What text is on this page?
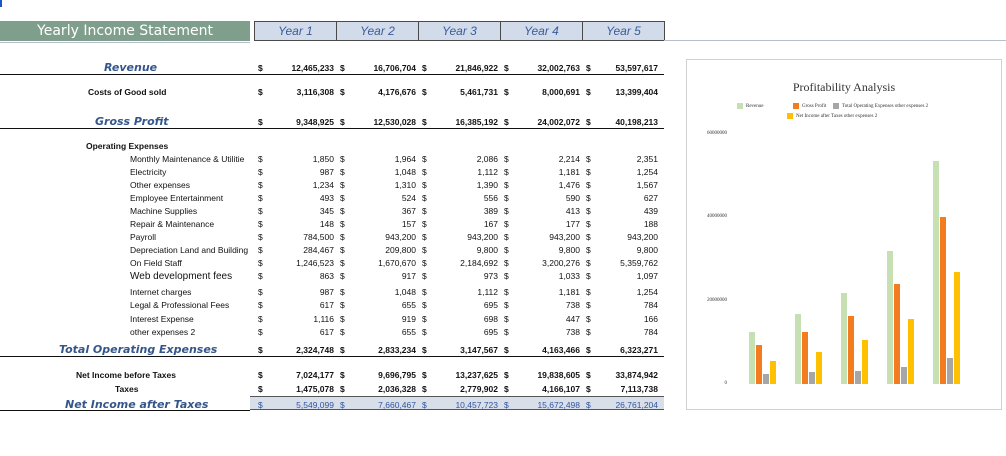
Yearly Income Statement	Year 1	Year 2	Year 3	Year 4	Year 5
Revenue	$	12,465,233 $	16,706,704 $	21,846,922 $	32,002,763 $	53,597,617
Costs of Good sold	$	3,116,308 $	4,176,676 $	5,461,731 $	8,000,691 $	13,399,404
Gross Profit	$	9,348,925 $	12,530,028 $	16,385,192 $	24,002,072 $	40,198,213
Operating Expenses
Monthly Maintenance & Utilitie $	1,850 $	1,964 $	2,086 $	2,214 $	2,351
Electricity	$	987 $	1,048 $	1,112 $	1,181 $	1,254
Other expenses	$	1,234 $	1,310 $	1,390 $	1,476 $	1,567
Employee Entertainment	$	493 $	524 $	556 $	590 $	627
Machine Supplies	$	345 $	367 $	389 $	413 $	439
Repair & Maintenance	$	148 $	157 $	167 $	177 $	188
Payroll	$	784,500 $	943,200 $	943,200 $	943,200 $	943,200
Depreciation Land and Building $	284,467 $	209,800 $	9,800 $	9,800 $	9,800
On Field Staff	$	1,246,523 $	1,670,670 $	2,184,692 $	3,200,276 $	5,359,762
Web development fees	$	863 $	917 $	973 $	1,033 $	1,097
Internet charges	$	987 $	1,048 $	1,112 $	1,181 $	1,254
Legal & Professional Fees	$	617 $	655 $	695 $	738 $	784
Interest Expense	$	1,116 $	919 $	698 $	447 $	166
other expenses 2	$	617 $	655 $	695 $	738 $	784
Total Operating Expenses	$	2,324,748 $	2,833,234 $	3,147,567 $	4,163,466 $	6,323,271
Net Income before Taxes	$	7,024,177 $	9,696,795 $	13,237,625 $	19,838,605 $	33,874,942
Taxes	$	1,475,078 $	2,036,328 $	2,779,902 $	4,166,107 $	7,113,738
Net Income after Taxes	$	5,549,099 $	7,660,467 $	10,457,723 $	15,672,498 $	26,761,204
Profitability Analysis
Revenue	Gross Profit	Total Operating Expenses other expenses 2
Net Income after Taxes other expenses 2
0
20000000
40000000
60000000
